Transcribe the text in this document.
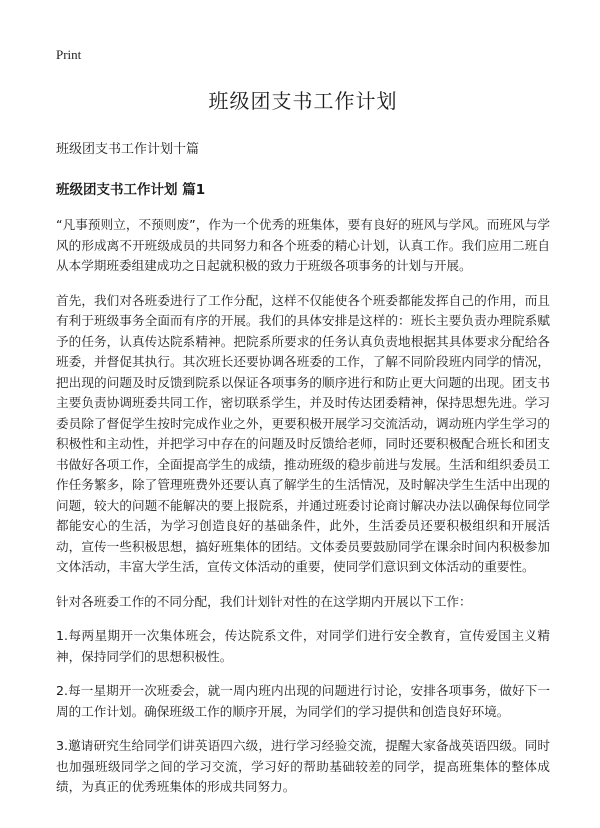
Print
班级团支书工作计划
班级团支书工作计划十篇
班级团支书工作计划 篇1

“凡事预则立，不预则废”，作为一个优秀的班集体，要有良好的班风与学风。而班风与学风的形成离不开班级成员的共同努力和各个班委的精心计划，认真工作。我们应用二班自从本学期班委组建成功之日起就积极的致力于班级各项事务的计划与开展。

首先，我们对各班委进行了工作分配，这样不仅能使各个班委都能发挥自己的作用，而且有利于班级事务全面而有序的开展。我们的具体安排是这样的：班长主要负责办理院系赋予的任务，认真传达院系精神。把院系所要求的任务认真负责地根据其具体要求分配给各班委，并督促其执行。其次班长还要协调各班委的工作，了解不同阶段班内同学的情况，把出现的问题及时反馈到院系以保证各项事务的顺序进行和防止更大问题的出现。团支书主要负责协调班委共同工作，密切联系学生，并及时传达团委精神，保持思想先进。学习委员除了督促学生按时完成作业之外，更要积极开展学习交流活动，调动班内学生学习的积极性和主动性，并把学习中存在的问题及时反馈给老师，同时还要积极配合班长和团支书做好各项工作，全面提高学生的成绩，推动班级的稳步前进与发展。生活和组织委员工作任务繁多，除了管理班费外还要认真了解学生的生活情况，及时解决学生生活中出现的问题，较大的问题不能解决的要上报院系，并通过班委讨论商讨解决办法以确保每位同学都能安心的生活，为学习创造良好的基础条件，此外，生活委员还要积极组织和开展活动，宣传一些积极思想，搞好班集体的团结。文体委员要鼓励同学在课余时间内积极参加文体活动，丰富大学生活，宣传文体活动的重要，使同学们意识到文体活动的重要性。

针对各班委工作的不同分配，我们计划针对性的在这学期内开展以下工作：

1.每两星期开一次集体班会，传达院系文件，对同学们进行安全教育，宣传爱国主义精神，保持同学们的思想积极性。

2.每一星期开一次班委会，就一周内班内出现的问题进行讨论，安排各项事务，做好下一周的工作计划。确保班级工作的顺序开展，为同学们的学习提供和创造良好环境。

3.邀请研究生给同学们讲英语四六级，进行学习经验交流，提醒大家备战英语四级。同时也加强班级同学之间的学习交流，学习好的帮助基础较差的同学，提高班集体的整体成绩，为真正的优秀班集体的形成共同努力。
